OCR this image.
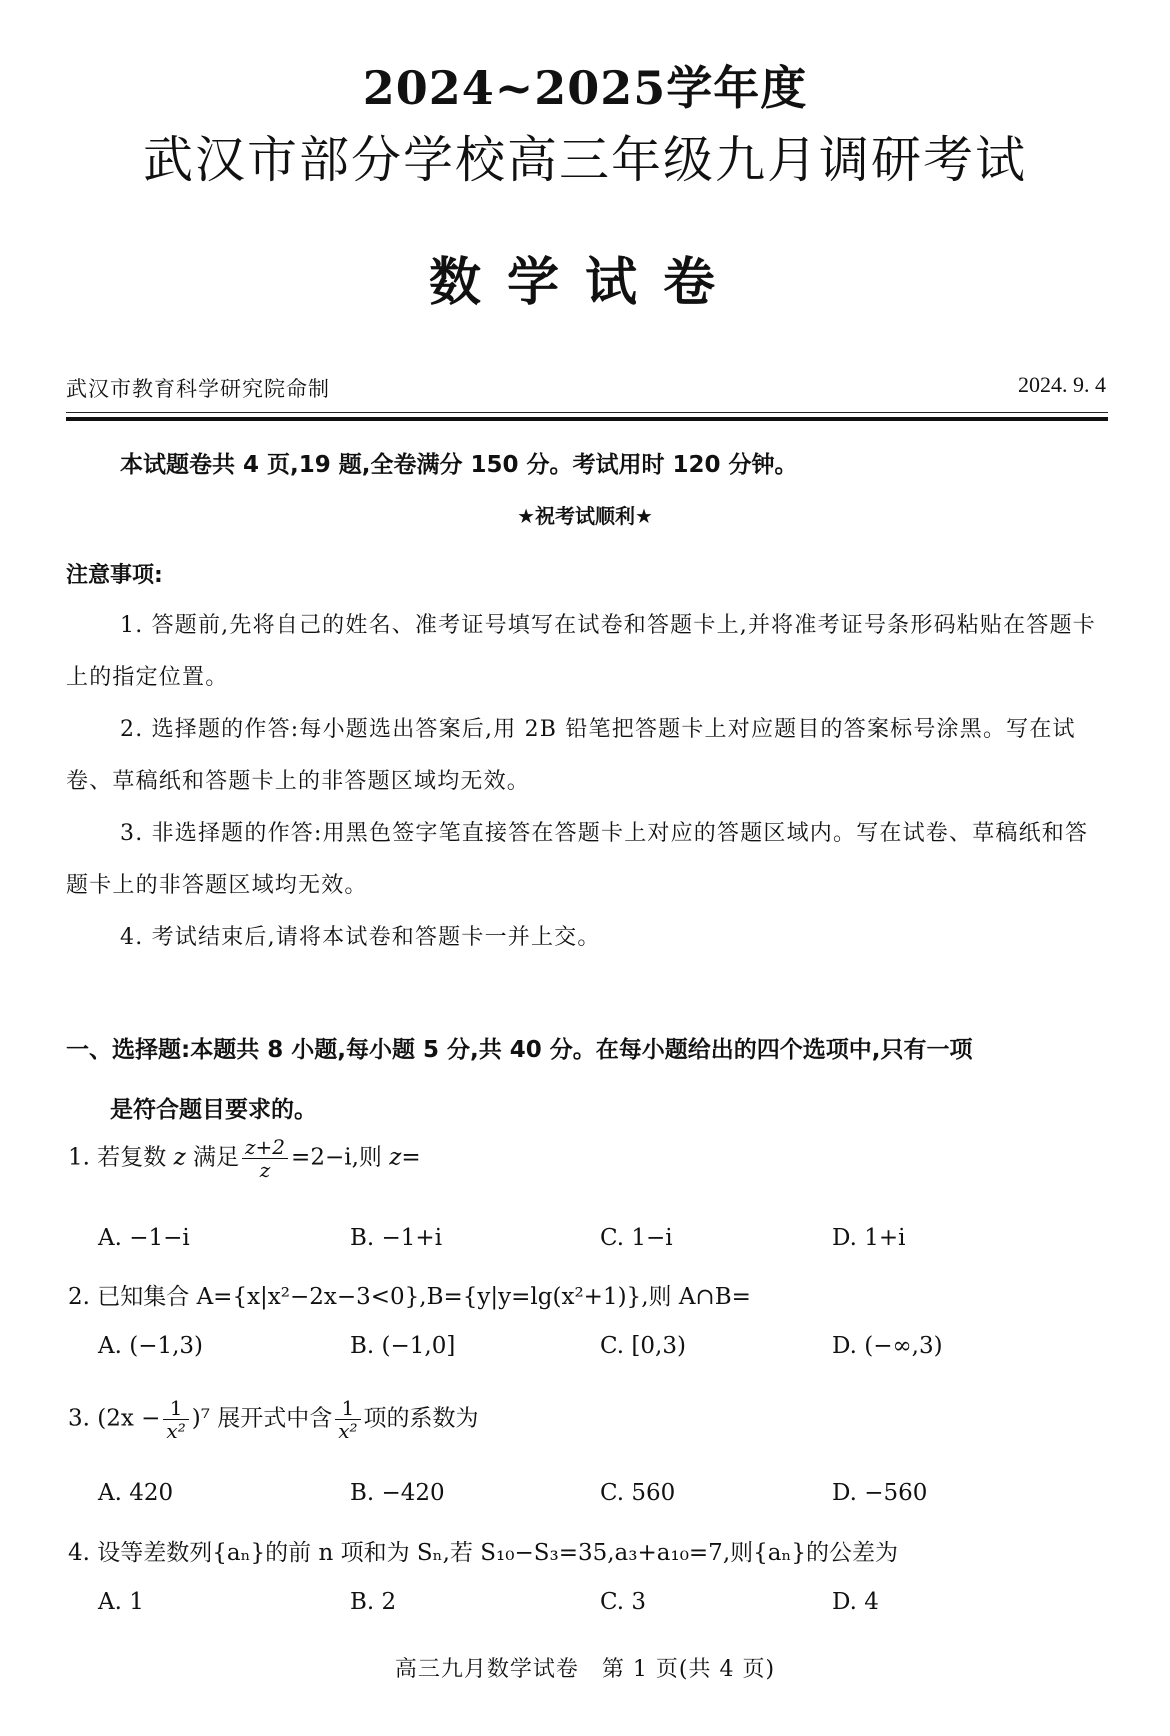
2024~2025学年度
武汉市部分学校高三年级九月调研考试
数学试卷
武汉市教育科学研究院命制	2024. 9. 4
本试题卷共 4 页,19 题,全卷满分 150 分。考试用时 120 分钟。
★祝考试顺利★
注意事项:
1. 答题前,先将自己的姓名、准考证号填写在试卷和答题卡上,并将准考证号条形码粘贴在答题卡上的指定位置。
2. 选择题的作答:每小题选出答案后,用 2B 铅笔把答题卡上对应题目的答案标号涂黑。写在试卷、草稿纸和答题卡上的非答题区域均无效。
3. 非选择题的作答:用黑色签字笔直接答在答题卡上对应的答题区域内。写在试卷、草稿纸和答题卡上的非答题区域均无效。
4. 考试结束后,请将本试卷和答题卡一并上交。
一、选择题:本题共 8 小题,每小题 5 分,共 40 分。在每小题给出的四个选项中,只有一项
是符合题目要求的。
1. 若复数 z 满足 $\frac{z+2}{z} =2-i$,则 z=
A. −1−i	B. −1+i	C. 1−i	D. 1+i
2. 已知集合 A={x|x²−2x−3<0},B={y|y=lg(x²+1)},则 A∩B=
A. (−1,3)	B. (−1,0]	C. [0,3)	D. (−∞,3)
3. $(2x - \frac{1}{\text{x²}} )^7$ 展开式中含 $\frac{1}{\text{x²}}$ 项的系数为
A. 420	B. −420	C. 560	D. −560
4. 设等差数列{aₙ}的前 n 项和为 Sₙ,若 S₁₀−S₃=35,a₃+a₁₀=7,则{aₙ}的公差为
A. 1	B. 2	C. 3	D. 4
高三九月数学试卷　第 1 页(共 4 页)
